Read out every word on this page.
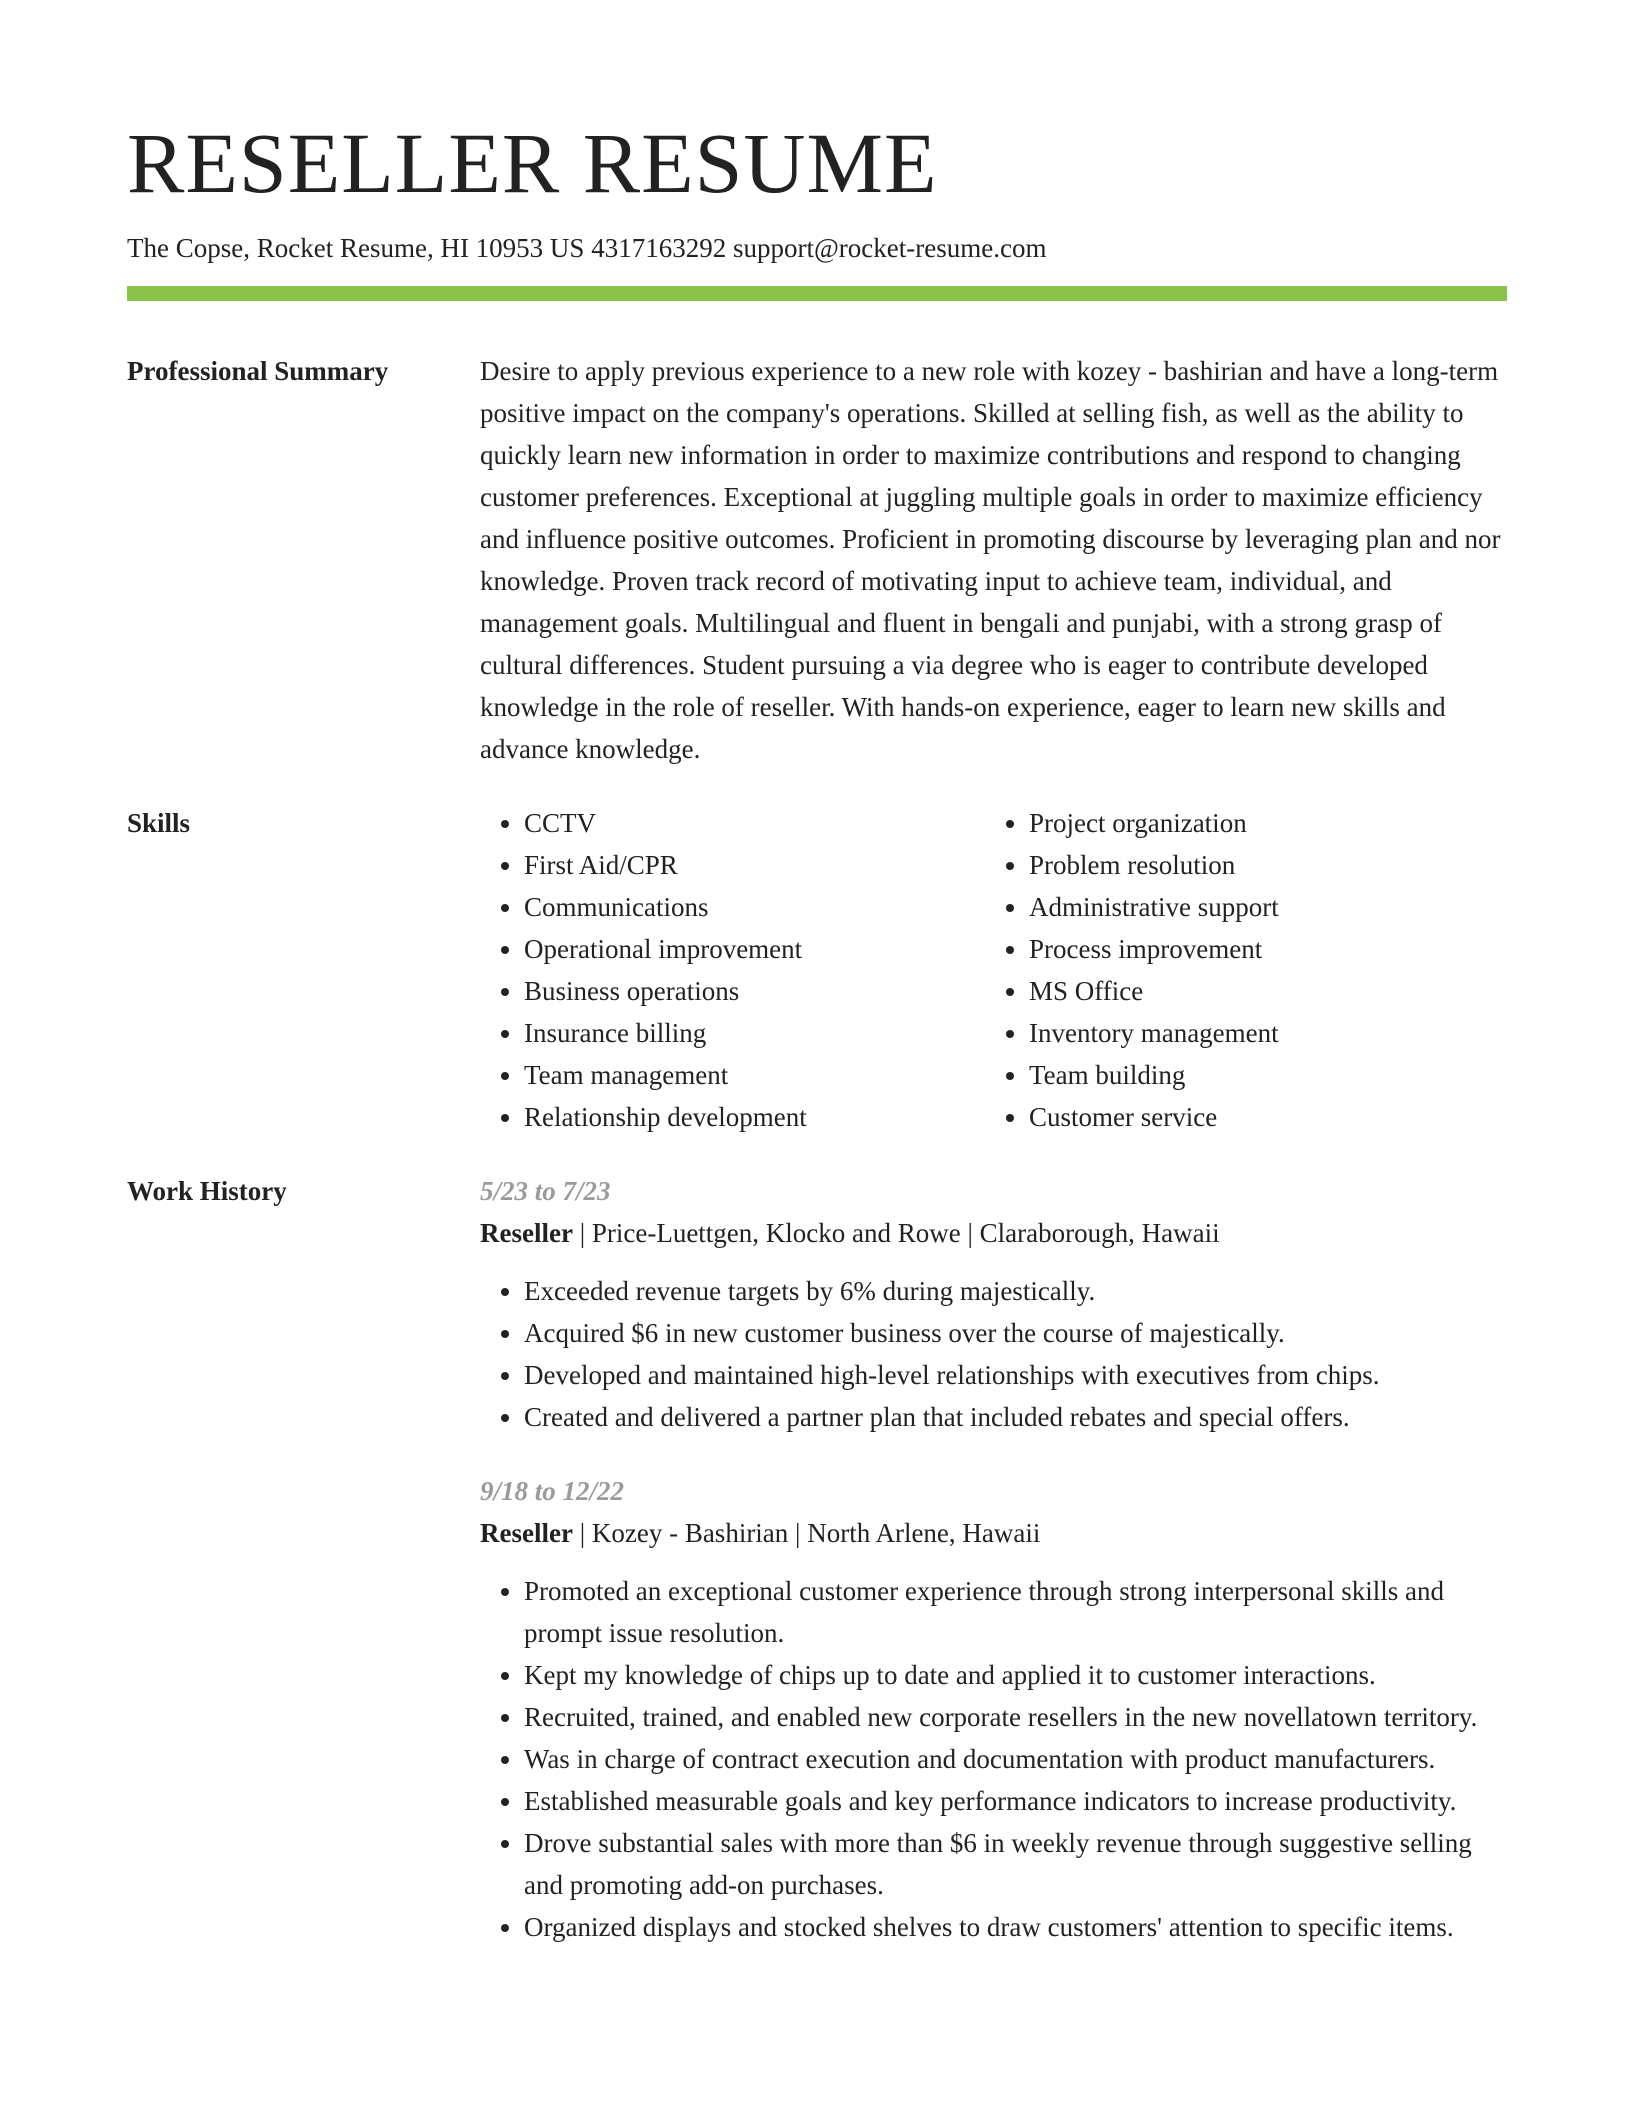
RESELLER RESUME
The Copse, Rocket Resume, HI 10953 US 4317163292 support@rocket-resume.com
Professional Summary	Desire to apply previous experience to a new role with kozey - bashirian and have a long-term positive impact on the company's operations. Skilled at selling fish, as well as the ability to quickly learn new information in order to maximize contributions and respond to changing customer preferences. Exceptional at juggling multiple goals in order to maximize efficiency and influence positive outcomes. Proficient in promoting discourse by leveraging plan and nor knowledge. Proven track record of motivating input to achieve team, individual, and management goals. Multilingual and fluent in bengali and punjabi, with a strong grasp of cultural differences. Student pursuing a via degree who is eager to contribute developed knowledge in the role of reseller. With hands-on experience, eager to learn new skills and advance knowledge.
Skills
•	CCTV
• First Aid/CPR
• Communications
• Operational improvement
• Business operations
• Insurance billing
• Team management
• Relationship development
• Project organization
• Problem resolution
• Administrative support
• Process improvement
• MS Office
• Inventory management
• Team building
• Customer service
Work History	5/23 to 7/23
Reseller | Price-Luettgen, Klocko and Rowe | Claraborough, Hawaii
• Exceeded revenue targets by 6% during majestically.
• Acquired $6 in new customer business over the course of majestically.
• Developed and maintained high-level relationships with executives from chips.
• Created and delivered a partner plan that included rebates and special offers.
9/18 to 12/22
Reseller | Kozey - Bashirian | North Arlene, Hawaii
• Promoted an exceptional customer experience through strong interpersonal skills and prompt issue resolution.
• Kept my knowledge of chips up to date and applied it to customer interactions.
• Recruited, trained, and enabled new corporate resellers in the new novellatown territory.
• Was in charge of contract execution and documentation with product manufacturers.
• Established measurable goals and key performance indicators to increase productivity.
• Drove substantial sales with more than $6 in weekly revenue through suggestive selling and promoting add-on purchases.
• Organized displays and stocked shelves to draw customers' attention to specific items.
